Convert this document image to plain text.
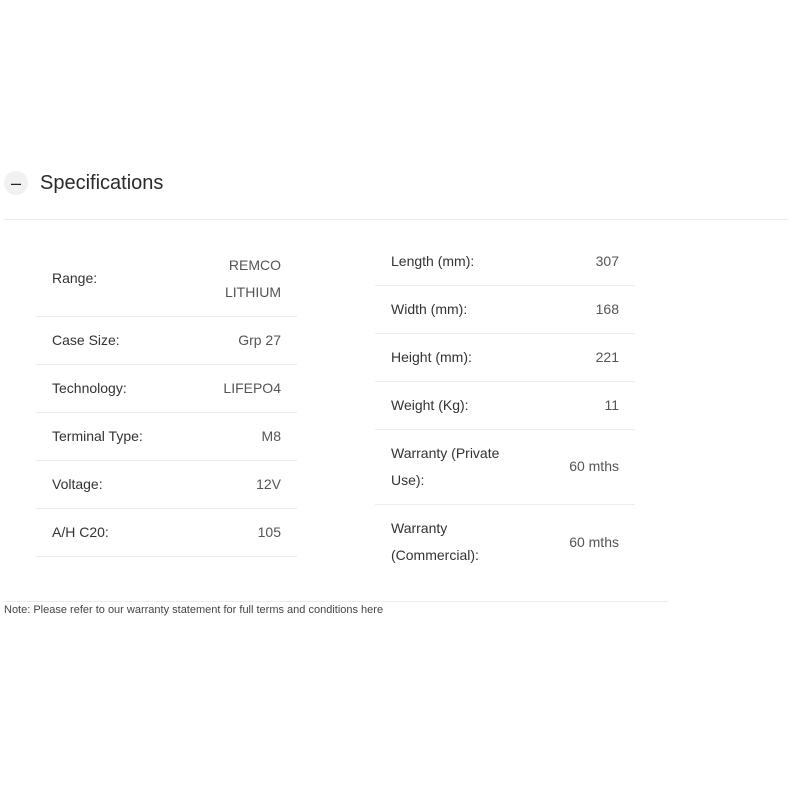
– Specifications
Range:	REMCO
LITHIUM
Case Size:	Grp 27
Technology:	LIFEPO4
Terminal Type:	M8
Voltage:	12V
A/H C20:	105
Length (mm):	307
Width (mm):	168
Height (mm):	221
Weight (Kg):	11
Warranty (Private
Use):	60 mths
Warranty
(Commercial):	60 mths
Note: Please refer to our warranty statement for full terms and conditions here
